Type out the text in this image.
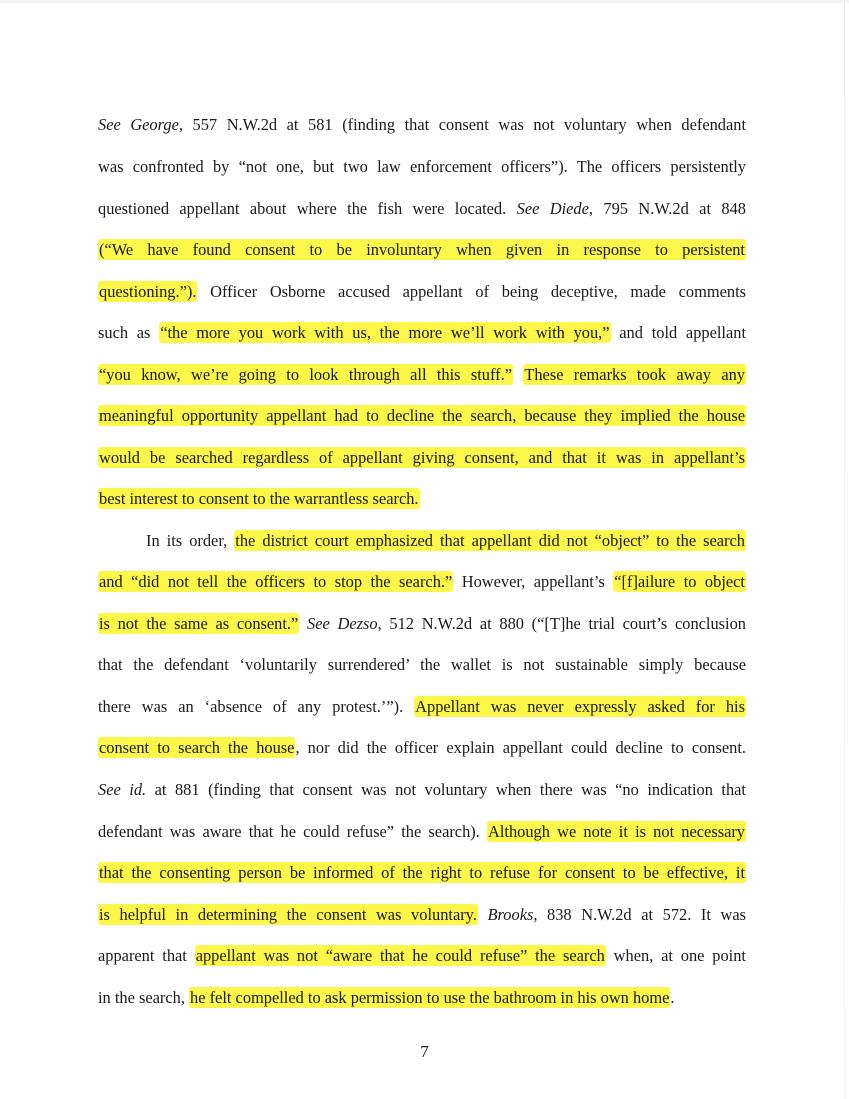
See George, 557 N.W.2d at 581 (finding that consent was not voluntary when defendant
was confronted by “not one, but two law enforcement officers”). The officers persistently
questioned appellant about where the fish were located. See Diede, 795 N.W.2d at 848
(“We have found consent to be involuntary when given in response to persistent
questioning.”). Officer Osborne accused appellant of being deceptive, made comments
such as “the more you work with us, the more we’ll work with you,” and told appellant
“you know, we’re going to look through all this stuff.” These remarks took away any
meaningful opportunity appellant had to decline the search, because they implied the house
would be searched regardless of appellant giving consent, and that it was in appellant’s
best interest to consent to the warrantless search.
In its order, the district court emphasized that appellant did not “object” to the search
and “did not tell the officers to stop the search.” However, appellant’s “[f]ailure to object
is not the same as consent.” See Dezso, 512 N.W.2d at 880 (“[T]he trial court’s conclusion
that the defendant ‘voluntarily surrendered’ the wallet is not sustainable simply because
there was an ‘absence of any protest.’”). Appellant was never expressly asked for his
consent to search the house, nor did the officer explain appellant could decline to consent.
See id. at 881 (finding that consent was not voluntary when there was “no indication that
defendant was aware that he could refuse” the search). Although we note it is not necessary
that the consenting person be informed of the right to refuse for consent to be effective, it
is helpful in determining the consent was voluntary. Brooks, 838 N.W.2d at 572. It was
apparent that appellant was not “aware that he could refuse” the search when, at one point
in the search, he felt compelled to ask permission to use the bathroom in his own home.
7
